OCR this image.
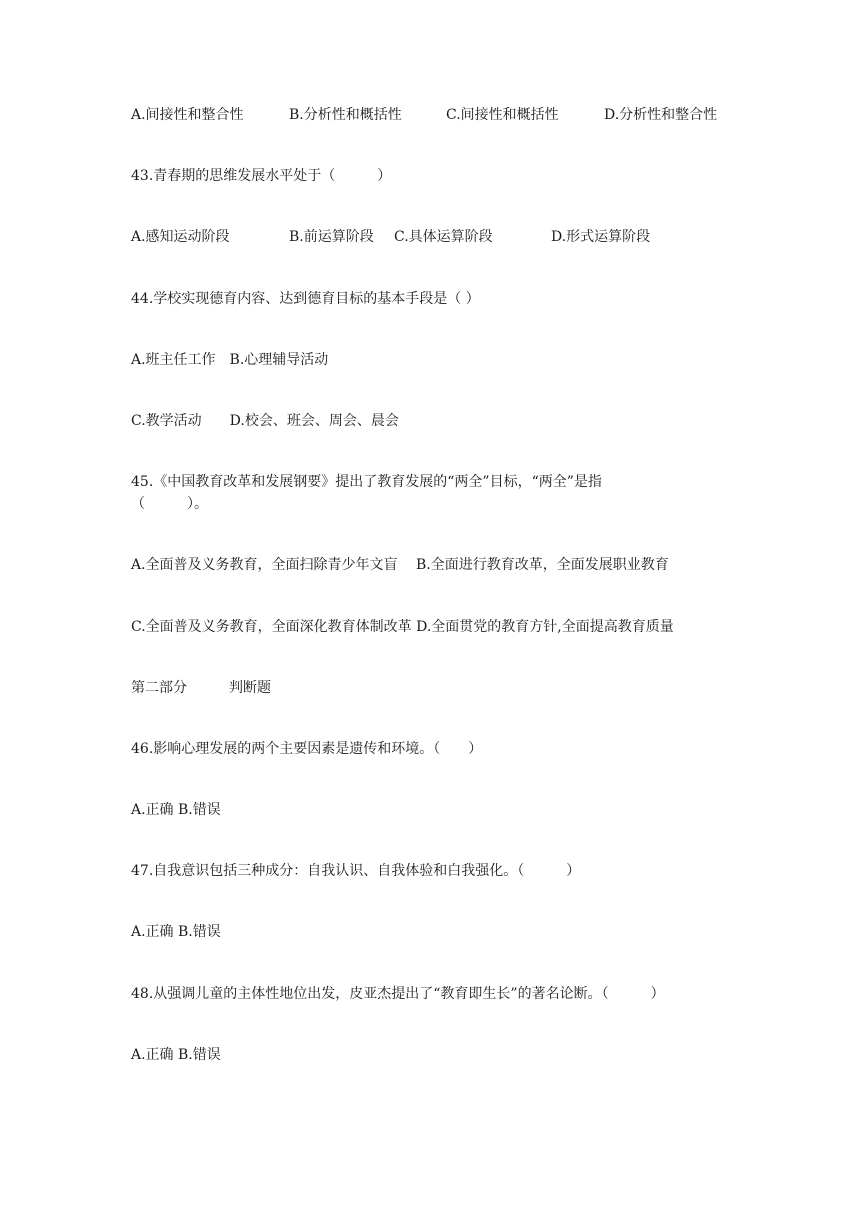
A.间接性和整合性	B.分析性和概括性	C.间接性和概括性	D.分析性和整合性
43.青春期的思维发展水平处于（　　　）
A.感知运动阶段	B.前运算阶段 C.具体运算阶段	D.形式运算阶段
44.学校实现德育内容、达到德育目标的基本手段是（ ）
A.班主任工作　B.心理辅导活动
C.教学活动　　D.校会、班会、周会、晨会
45.《中国教育改革和发展钢要》提出了教育发展的“两全”目标，“两全”是指
（　　　）。
A.全面普及义务教育，全面扫除青少年文盲　 B.全面进行教育改革，全面发展职业教育
C.全面普及义务教育，全面深化教育体制改革 D.全面贯党的教育方针,全面提高教育质量
第二部分　　　判断题
46.影响心理发展的两个主要因素是遗传和环境。（　　）
A.正确 B.错误
47.自我意识包括三种成分：自我认识、自我体验和白我强化。（　　　）
A.正确 B.错误
48.从强调儿童的主体性地位出发，皮亚杰提出了“教育即生长”的著名论断。（　　　）
A.正确 B.错误
